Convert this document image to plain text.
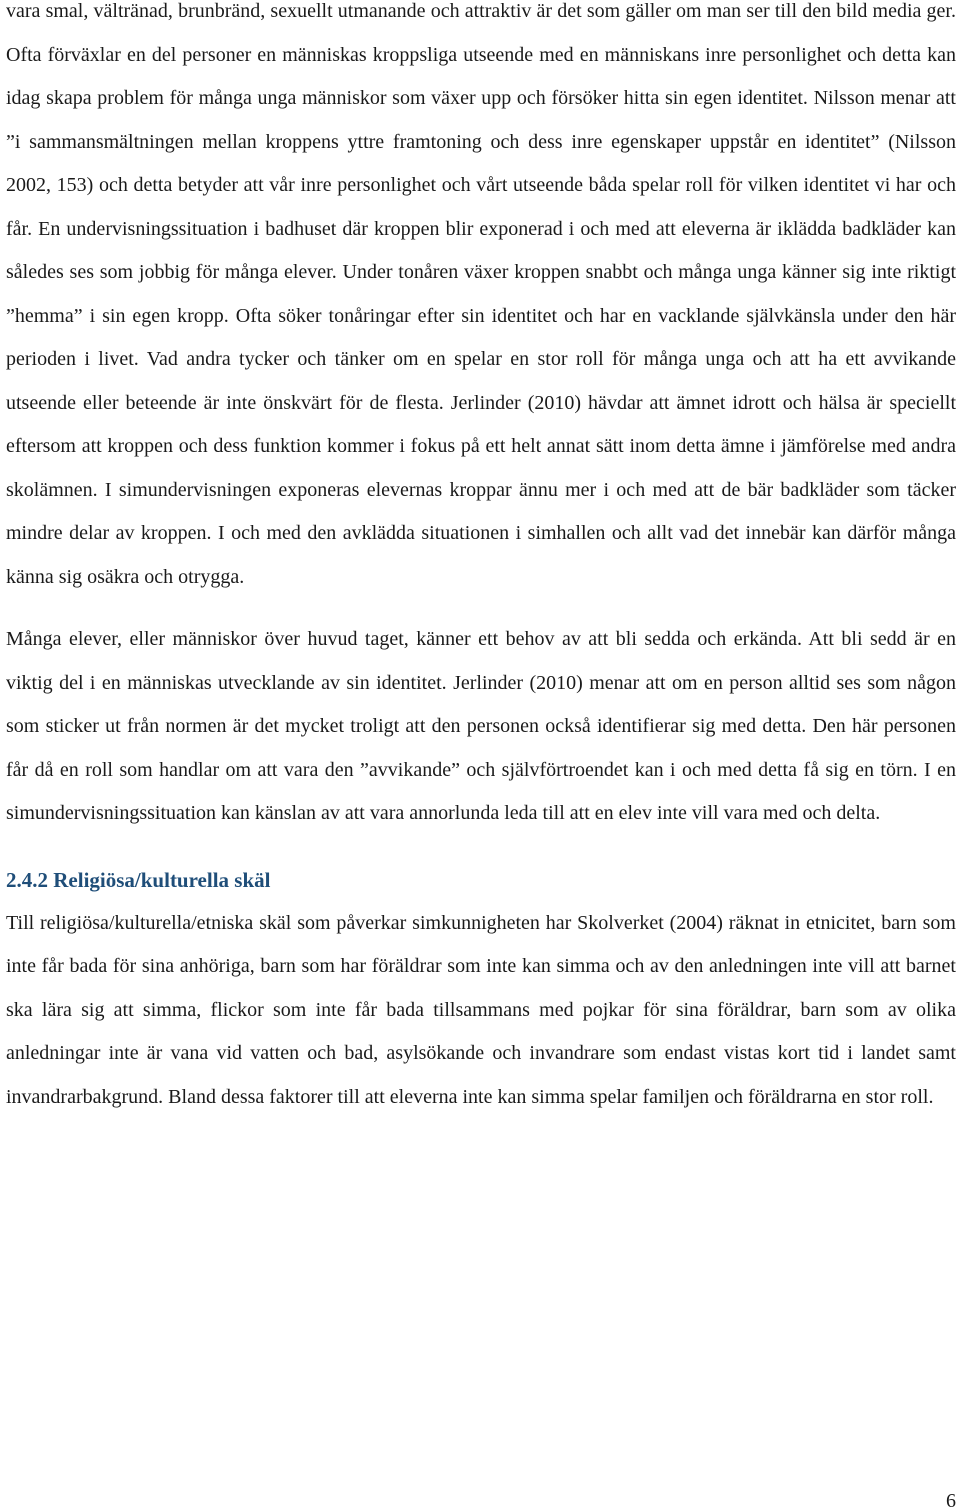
vara smal, vältränad, brunbränd, sexuellt utmanande och attraktiv är det som gäller om man ser till den bild media ger. Ofta förväxlar en del personer en människas kroppsliga utseende med en människans inre personlighet och detta kan idag skapa problem för många unga människor som växer upp och försöker hitta sin egen identitet. Nilsson menar att ”i sammansmältningen mellan kroppens yttre framtoning och dess inre egenskaper uppstår en identitet” (Nilsson 2002, 153) och detta betyder att vår inre personlighet och vårt utseende båda spelar roll för vilken identitet vi har och får. En undervisningssituation i badhuset där kroppen blir exponerad i och med att eleverna är iklädda badkläder kan således ses som jobbig för många elever. Under tonåren växer kroppen snabbt och många unga känner sig inte riktigt ”hemma” i sin egen kropp. Ofta söker tonåringar efter sin identitet och har en vacklande självkänsla under den här perioden i livet. Vad andra tycker och tänker om en spelar en stor roll för många unga och att ha ett avvikande utseende eller beteende är inte önskvärt för de flesta. Jerlinder (2010) hävdar att ämnet idrott och hälsa är speciellt eftersom att kroppen och dess funktion kommer i fokus på ett helt annat sätt inom detta ämne i jämförelse med andra skolämnen. I simundervisningen exponeras elevernas kroppar ännu mer i och med att de bär badkläder som täcker mindre delar av kroppen. I och med den avklädda situationen i simhallen och allt vad det innebär kan därför många känna sig osäkra och otrygga.

Många elever, eller människor över huvud taget, känner ett behov av att bli sedda och erkända. Att bli sedd är en viktig del i en människas utvecklande av sin identitet. Jerlinder (2010) menar att om en person alltid ses som någon som sticker ut från normen är det mycket troligt att den personen också identifierar sig med detta. Den här personen får då en roll som handlar om att vara den ”avvikande” och självförtroendet kan i och med detta få sig en törn. I en simundervisningssituation kan känslan av att vara annorlunda leda till att en elev inte vill vara med och delta.

2.4.2 Religiösa/kulturella skäl

Till religiösa/kulturella/etniska skäl som påverkar simkunnigheten har Skolverket (2004) räknat in etnicitet, barn som inte får bada för sina anhöriga, barn som har föräldrar som inte kan simma och av den anledningen inte vill att barnet ska lära sig att simma, flickor som inte får bada tillsammans med pojkar för sina föräldrar, barn som av olika anledningar inte är vana vid vatten och bad, asylsökande och invandrare som endast vistas kort tid i landet samt invandrarbakgrund. Bland dessa faktorer till att eleverna inte kan simma spelar familjen och föräldrarna en stor roll.

6
